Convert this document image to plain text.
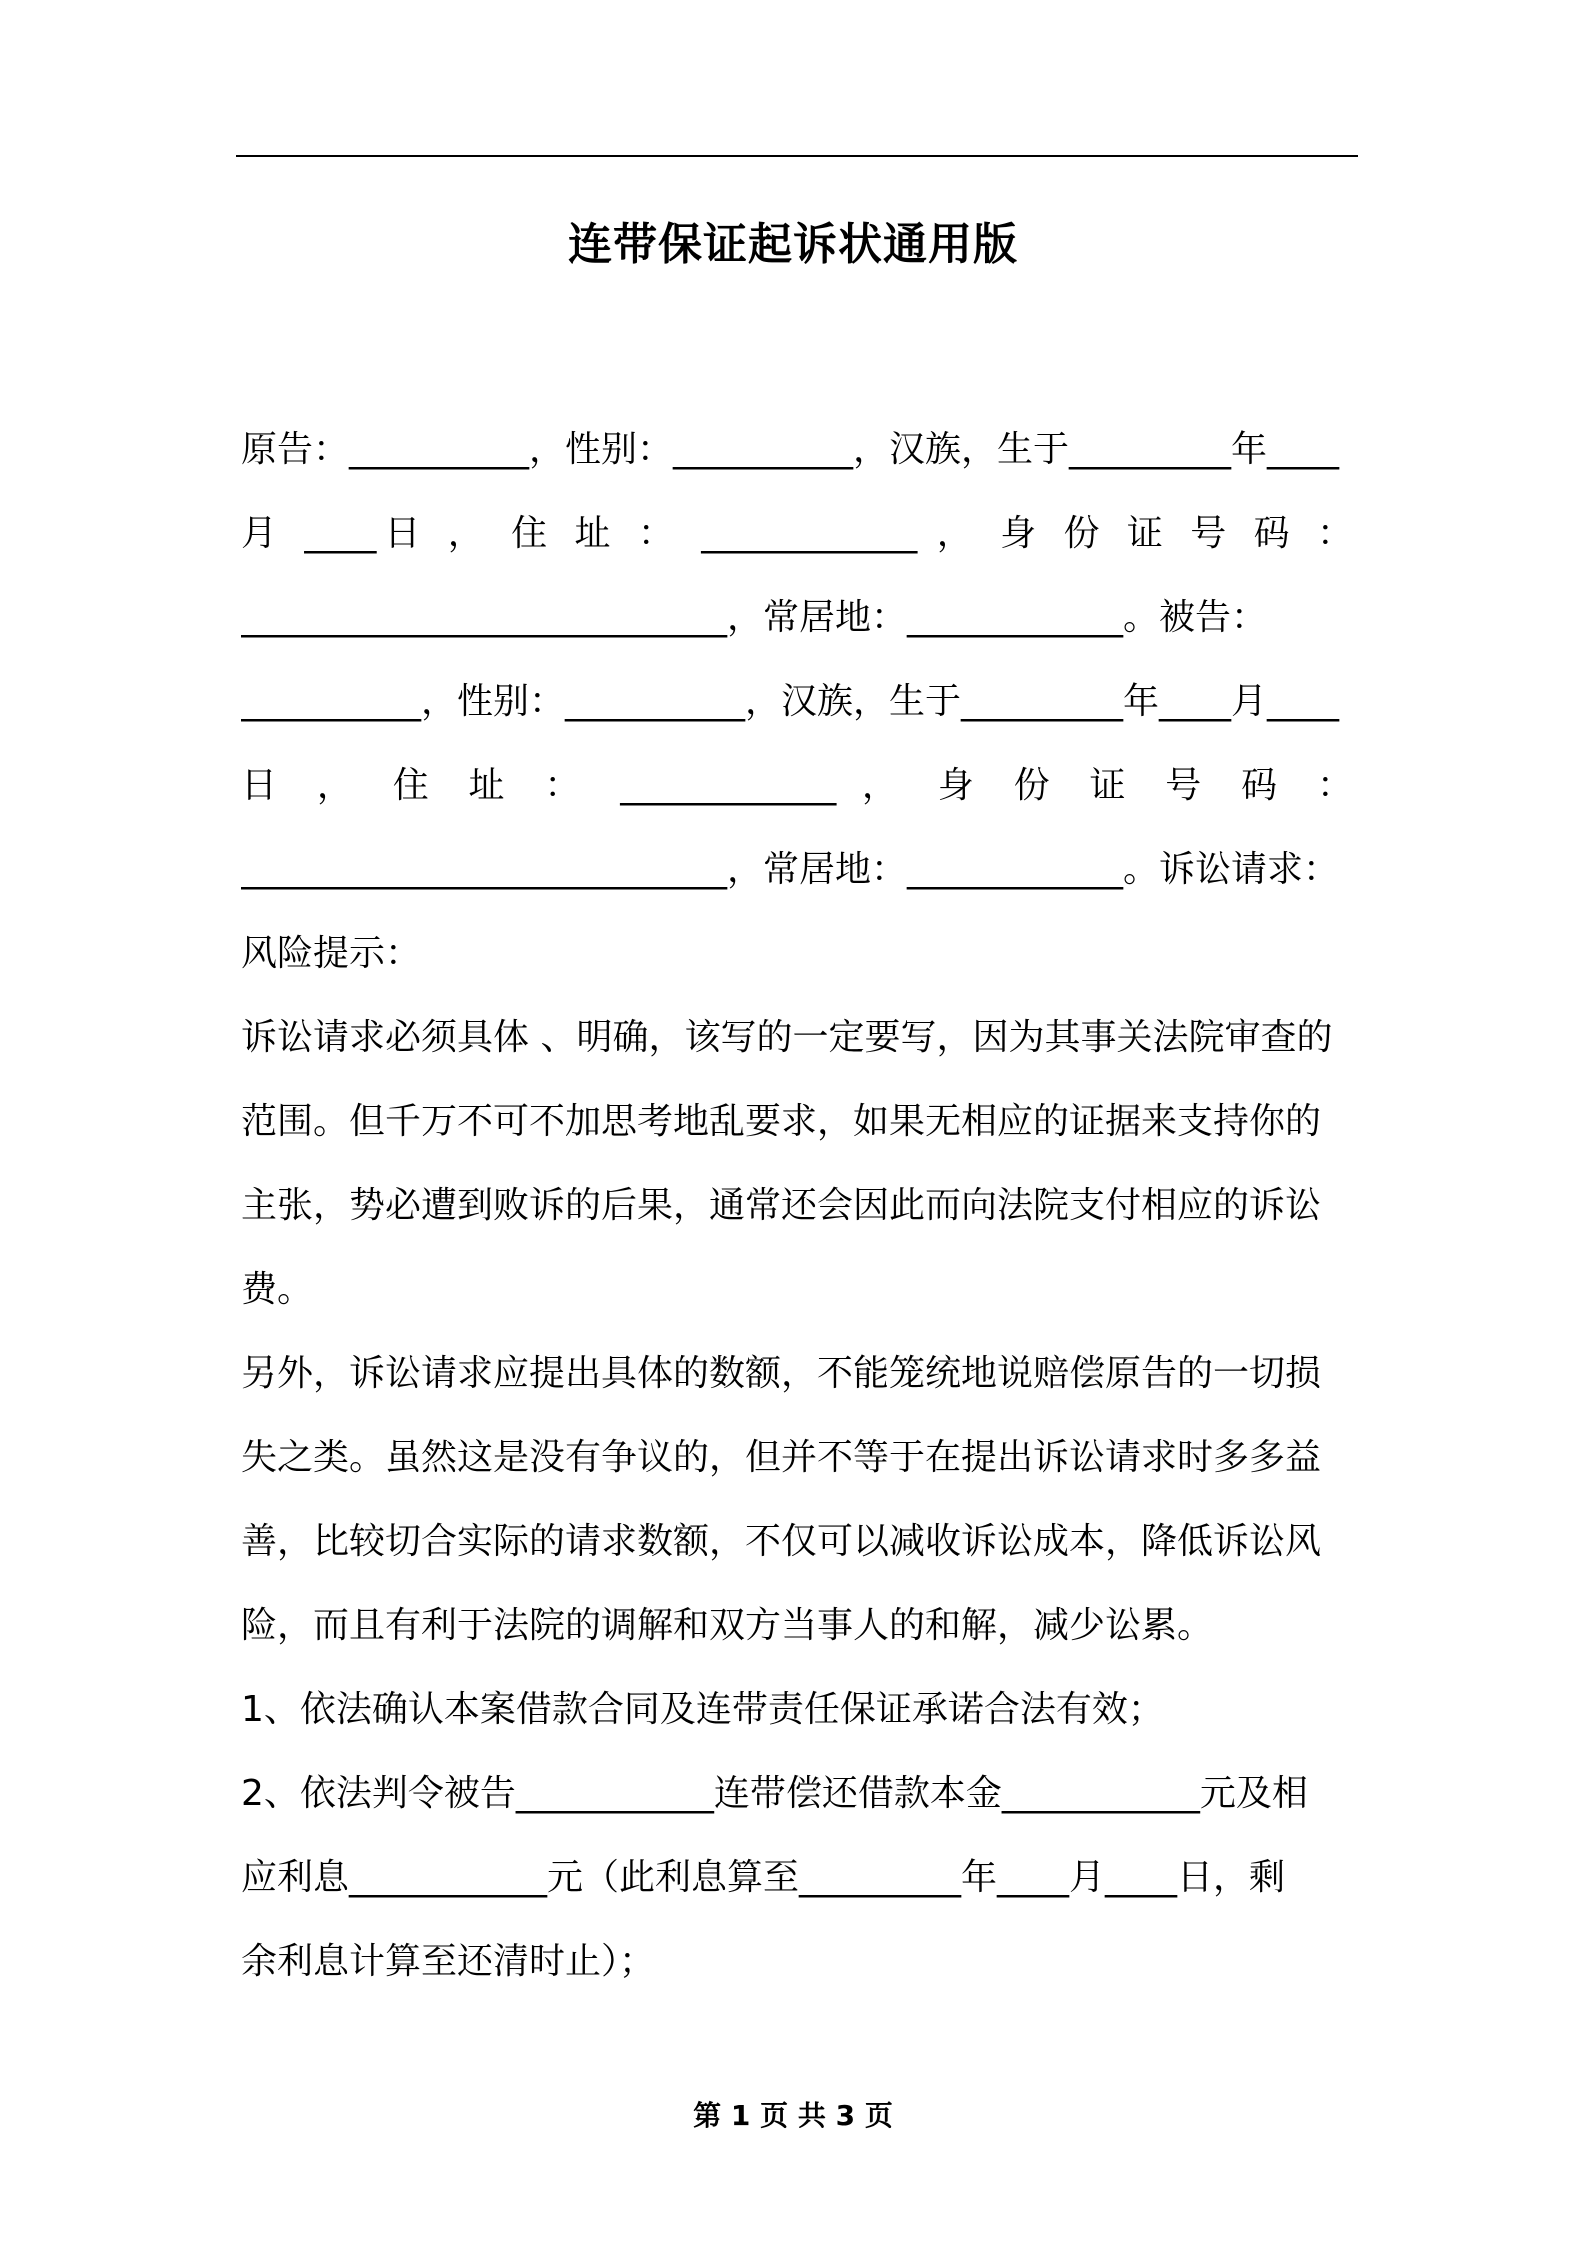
连带保证起诉状通用版
原告：__________，性别：__________，汉族，生于_________年____
月 ____日 ， 住 址 ： ____________ ， 身 份 证 号 码 ：
___________________________，常居地：____________。被告：
__________，性别：__________，汉族，生于_________年____月____
日 ， 住 址 ： ____________ ， 身 份 证 号 码 ：
___________________________，常居地：____________。诉讼请求：
风险提示：
诉讼请求必须具体 、明确，该写的一定要写，因为其事关法院审查的
范围。但千万不可不加思考地乱要求，如果无相应的证据来支持你的
主张，势必遭到败诉的后果，通常还会因此而向法院支付相应的诉讼
费。
另外，诉讼请求应提出具体的数额，不能笼统地说赔偿原告的一切损
失之类。虽然这是没有争议的，但并不等于在提出诉讼请求时多多益
善，比较切合实际的请求数额，不仅可以减收诉讼成本，降低诉讼风
险，而且有利于法院的调解和双方当事人的和解，减少讼累。
1、依法确认本案借款合同及连带责任保证承诺合法有效；
2、依法判令被告___________连带偿还借款本金___________元及相
应利息___________元（此利息算至_________年____月____日，剩
余利息计算至还清时止）；
第 1 页 共 3 页
